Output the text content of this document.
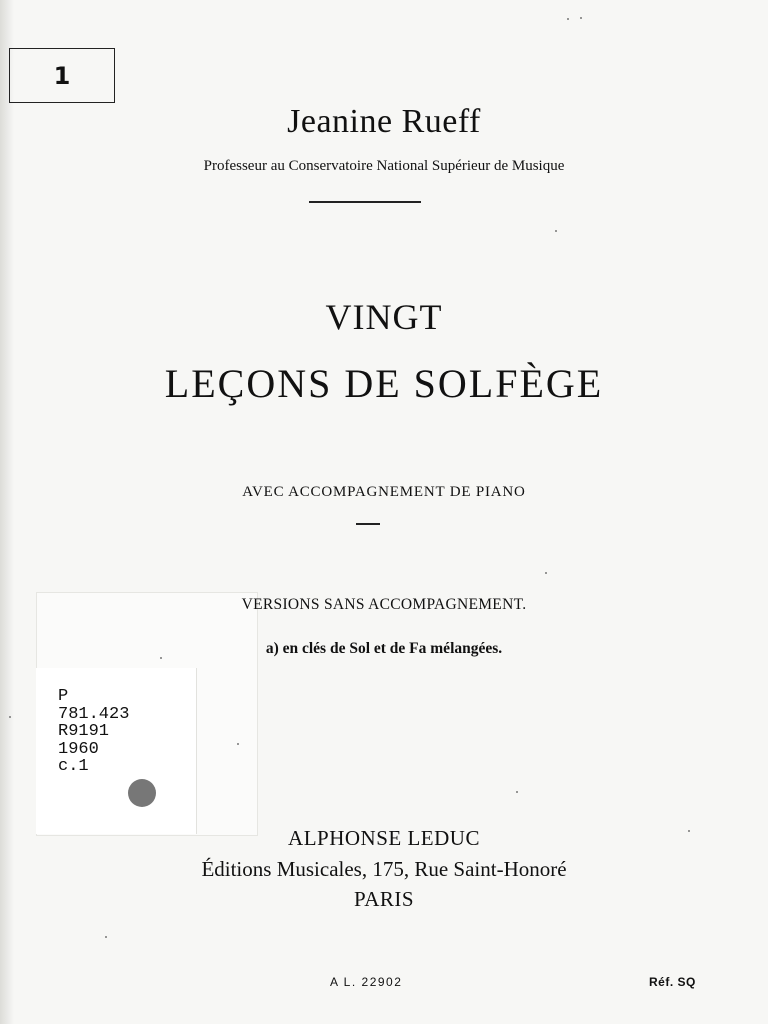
1
Jeanine Rueff
Professeur au Conservatoire National Supérieur de Musique
VINGT
LEÇONS DE SOLFÈGE
AVEC ACCOMPAGNEMENT DE PIANO
VERSIONS SANS ACCOMPAGNEMENT.
a) en clés de Sol et de Fa mélangées.
P
781.423
R9191
1960
c.1
ALPHONSE LEDUC
Éditions Musicales, 175, Rue Saint-Honoré
PARIS
A L. 22902	Réf. SQ
